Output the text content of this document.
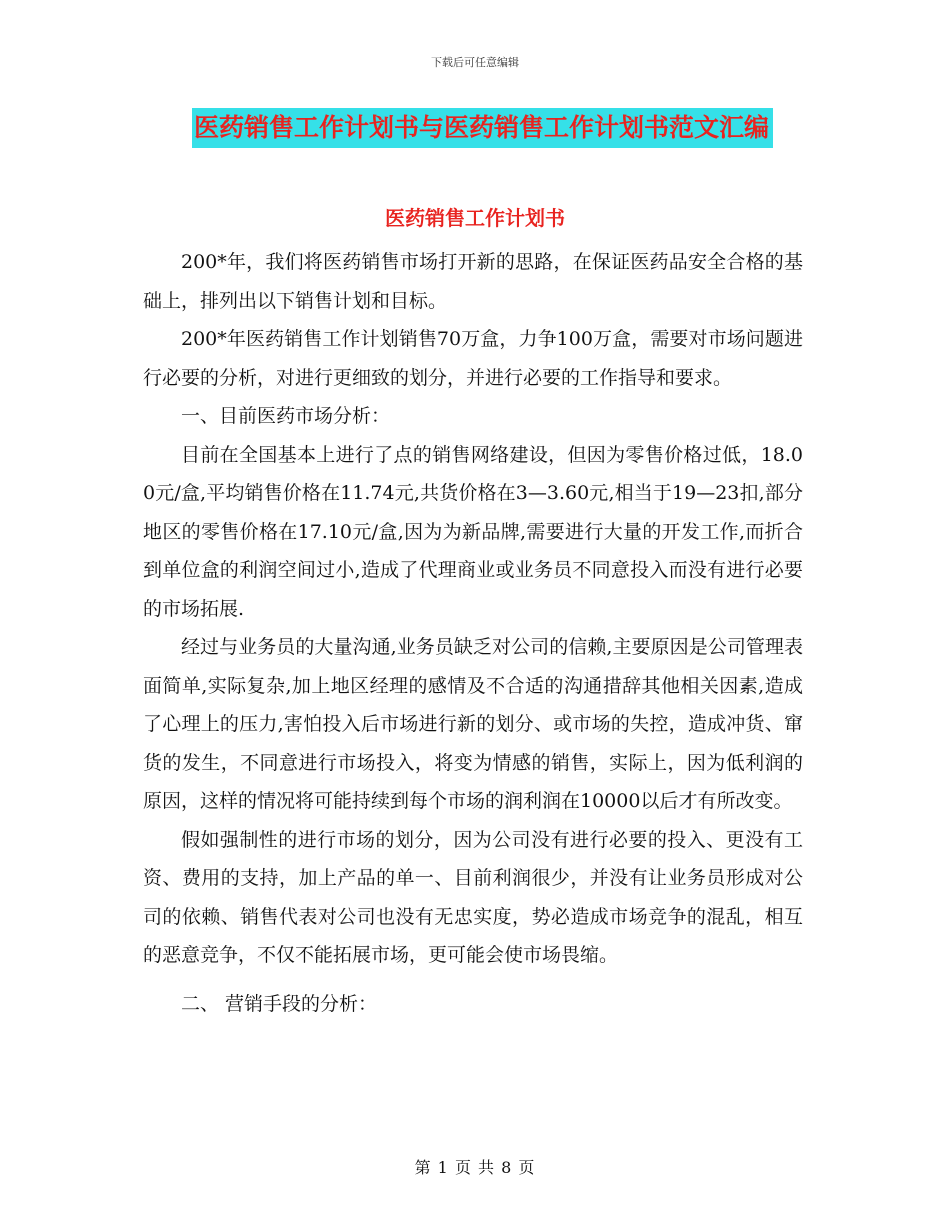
下载后可任意编辑
医药销售工作计划书与医药销售工作计划书范文汇编
医药销售工作计划书

200*年，我们将医药销售市场打开新的思路，在保证医药品安全合格的基础上，排列出以下销售计划和目标。

200*年医药销售工作计划销售70万盒，力争100万盒，需要对市场问题进行必要的分析，对进行更细致的划分，并进行必要的工作指导和要求。

一、目前医药市场分析：

目前在全国基本上进行了点的销售网络建设，但因为零售价格过低，18.00元/盒,平均销售价格在11.74元,共货价格在3—3.60元,相当于19—23扣,部分地区的零售价格在17.10元/盒,因为为新品牌,需要进行大量的开发工作,而折合到单位盒的利润空间过小,造成了代理商业或业务员不同意投入而没有进行必要的市场拓展.

经过与业务员的大量沟通,业务员缺乏对公司的信赖,主要原因是公司管理表面简单,实际复杂,加上地区经理的感情及不合适的沟通措辞其他相关因素,造成了心理上的压力,害怕投入后市场进行新的划分、或市场的失控，造成冲货、窜货的发生，不同意进行市场投入，将变为情感的销售，实际上，因为低利润的原因，这样的情况将可能持续到每个市场的润利润在10000以后才有所改变。

假如强制性的进行市场的划分，因为公司没有进行必要的投入、更没有工资、费用的支持，加上产品的单一、目前利润很少，并没有让业务员形成对公司的依赖、销售代表对公司也没有无忠实度，势必造成市场竞争的混乱，相互的恶意竞争，不仅不能拓展市场，更可能会使市场畏缩。

二、 营销手段的分析：

第 1 页 共 8 页
